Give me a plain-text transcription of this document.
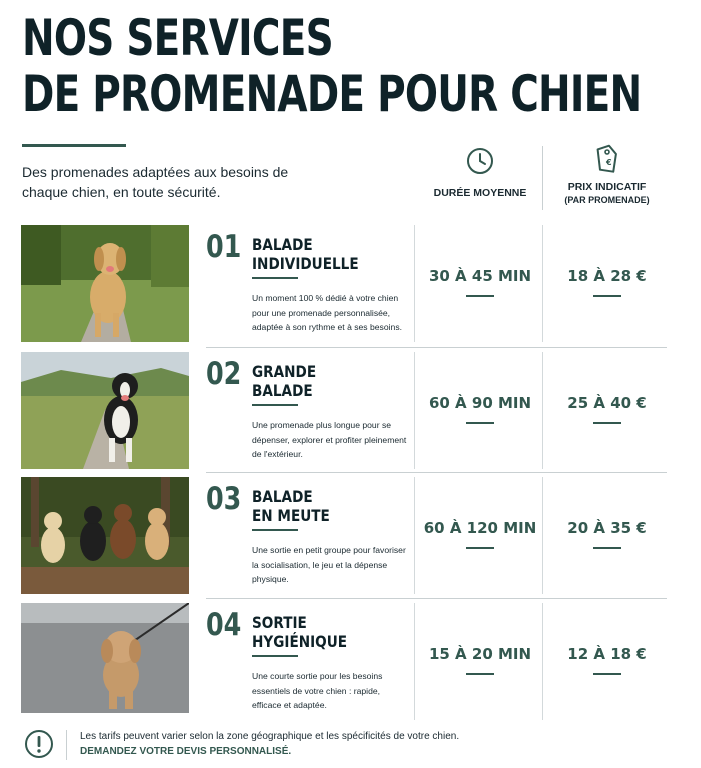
NOS SERVICES
DE PROMENADE POUR CHIEN
Des promenades adaptées aux besoins de chaque chien, en toute sécurité.	DURÉE MOYENNE
€
PRIX INDICATIF
(PAR PROMENADE)
01 BALADE
INDIVIDUELLE
Un moment 100 % dédié à votre chien pour une promenade personnalisée, adaptée à son rythme et à ses besoins.
30 À 45 MIN	18 À 28 €
02 GRANDE
BALADE
Une promenade plus longue pour se dépenser, explorer et profiter pleinement de l'extérieur.
60 À 90 MIN	25 À 40 €
03 BALADE
EN MEUTE
Une sortie en petit groupe pour favoriser la socialisation, le jeu et la dépense physique.
60 À 120 MIN	20 À 35 €
04 SORTIE
HYGIÉNIQUE
Une courte sortie pour les besoins essentiels de votre chien : rapide, efficace et adaptée.
15 À 20 MIN	12 À 18 €
Les tarifs peuvent varier selon la zone géographique et les spécificités de votre chien.
DEMANDEZ VOTRE DEVIS PERSONNALISÉ.
